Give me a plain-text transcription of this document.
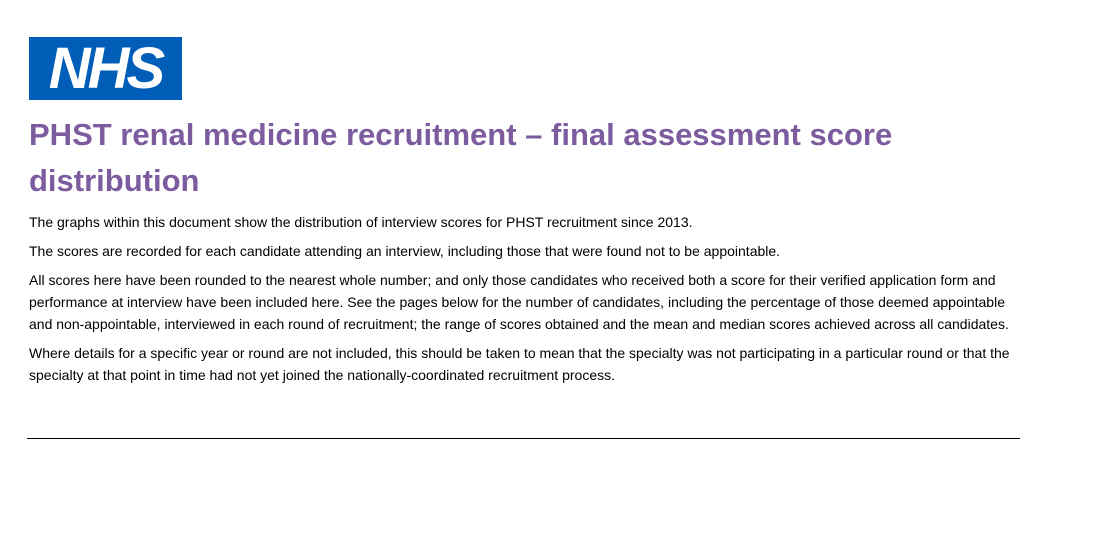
NHS
PHST renal medicine recruitment – final assessment score distribution

The graphs within this document show the distribution of interview scores for PHST recruitment since 2013.

The scores are recorded for each candidate attending an interview, including those that were found not to be appointable.

All scores here have been rounded to the nearest whole number; and only those candidates who received both a score for their verified application form and performance at interview have been included here. See the pages below for the number of candidates, including the percentage of those deemed appointable and non-appointable, interviewed in each round of recruitment; the range of scores obtained and the mean and median scores achieved across all candidates.

Where details for a specific year or round are not included, this should be taken to mean that the specialty was not participating in a particular round or that the specialty at that point in time had not yet joined the nationally-coordinated recruitment process.
